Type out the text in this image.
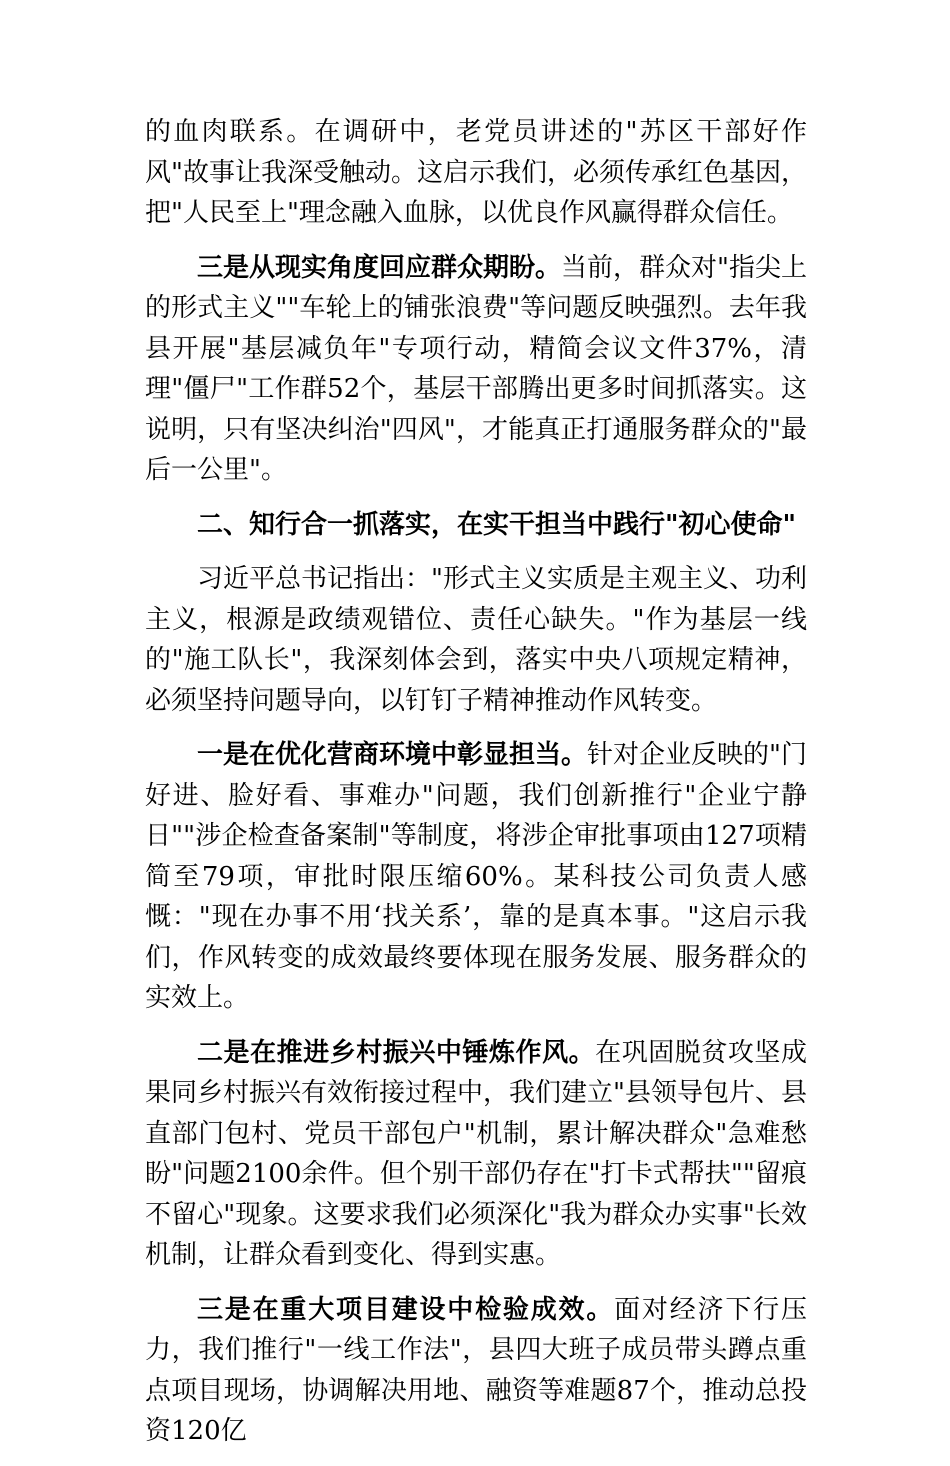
的血肉联系。在调研中，老党员讲述的"苏区干部好作风"故事让我深受触动。这启示我们，必须传承红色基因，把"人民至上"理念融入血脉，以优良作风赢得群众信任。

三是从现实角度回应群众期盼。当前，群众对"指尖上的形式主义""车轮上的铺张浪费"等问题反映强烈。去年我县开展"基层减负年"专项行动，精简会议文件37%，清理"僵尸"工作群52个，基层干部腾出更多时间抓落实。这说明，只有坚决纠治"四风"，才能真正打通服务群众的"最后一公里"。

二、知行合一抓落实，在实干担当中践行"初心使命"

习近平总书记指出："形式主义实质是主观主义、功利主义，根源是政绩观错位、责任心缺失。"作为基层一线的"施工队长"，我深刻体会到，落实中央八项规定精神，必须坚持问题导向，以钉钉子精神推动作风转变。

一是在优化营商环境中彰显担当。针对企业反映的"门好进、脸好看、事难办"问题，我们创新推行"企业宁静日""涉企检查备案制"等制度，将涉企审批事项由127项精简至79项，审批时限压缩60%。某科技公司负责人感慨："现在办事不用‘找关系’，靠的是真本事。"这启示我们，作风转变的成效最终要体现在服务发展、服务群众的实效上。

二是在推进乡村振兴中锤炼作风。在巩固脱贫攻坚成果同乡村振兴有效衔接过程中，我们建立"县领导包片、县直部门包村、党员干部包户"机制，累计解决群众"急难愁盼"问题2100余件。但个别干部仍存在"打卡式帮扶""留痕不留心"现象。这要求我们必须深化"我为群众办实事"长效机制，让群众看到变化、得到实惠。

三是在重大项目建设中检验成效。面对经济下行压力，我们推行"一线工作法"，县四大班子成员带头蹲点重点项目现场，协调解决用地、融资等难题87个，推动总投资120亿
